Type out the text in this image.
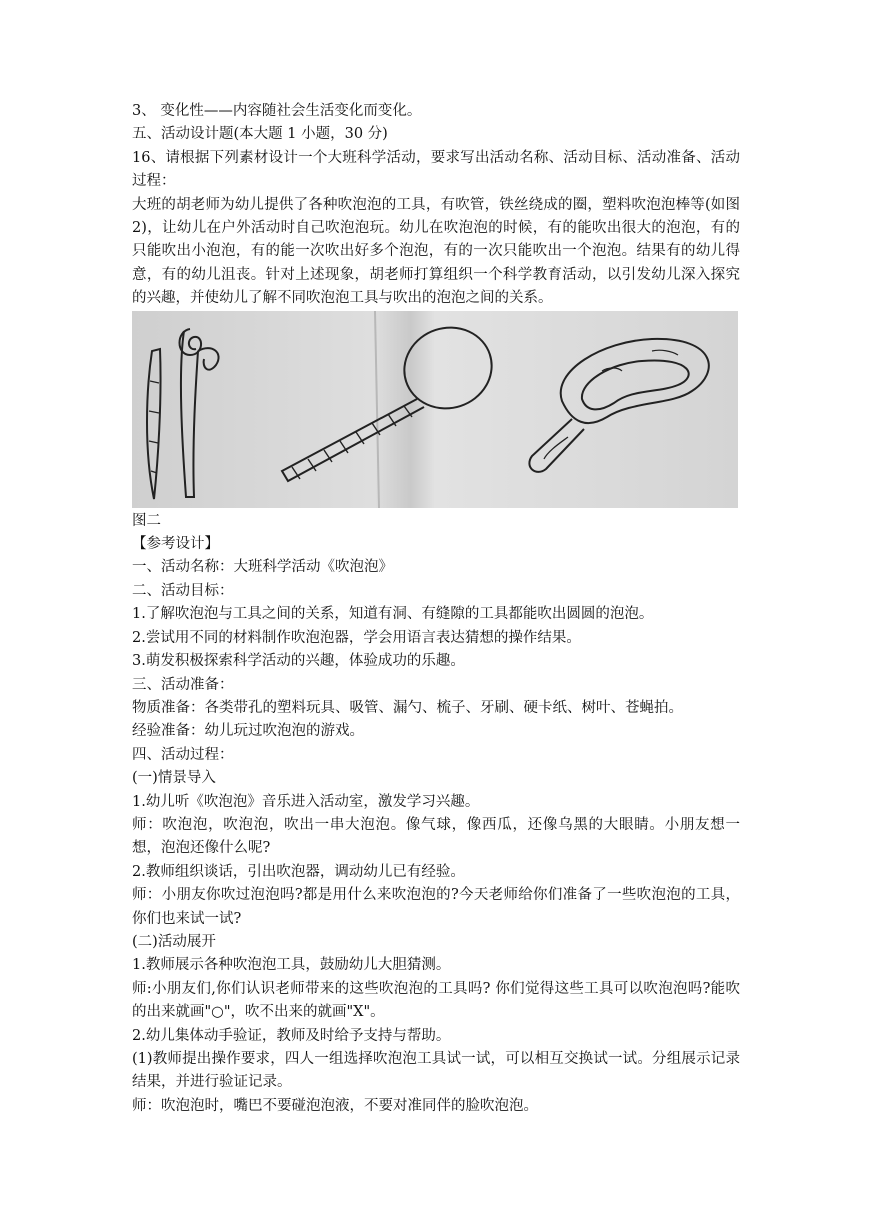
3、 变化性——内容随社会生活变化而变化。
五、活动设计题(本大题 1 小题，30 分)
16、请根据下列素材设计一个大班科学活动，要求写出活动名称、活动目标、活动准备、活动过程：
大班的胡老师为幼儿提供了各种吹泡泡的工具，有吹管，铁丝绕成的圈，塑料吹泡泡棒等(如图2)，让幼儿在户外活动时自己吹泡泡玩。幼儿在吹泡泡的时候，有的能吹出很大的泡泡，有的只能吹出小泡泡，有的能一次吹出好多个泡泡，有的一次只能吹出一个泡泡。结果有的幼儿得意，有的幼儿沮丧。针对上述现象，胡老师打算组织一个科学教育活动，以引发幼儿深入探究的兴趣，并使幼儿了解不同吹泡泡工具与吹出的泡泡之间的关系。
图二
【参考设计】
一、活动名称：大班科学活动《吹泡泡》
二、活动目标：
1.了解吹泡泡与工具之间的关系，知道有洞、有缝隙的工具都能吹出圆圆的泡泡。
2.尝试用不同的材料制作吹泡泡器，学会用语言表达猜想的操作结果。
3.萌发积极探索科学活动的兴趣，体验成功的乐趣。
三、活动准备：
物质准备：各类带孔的塑料玩具、吸管、漏勺、梳子、牙刷、硬卡纸、树叶、苍蝇拍。
经验准备：幼儿玩过吹泡泡的游戏。
四、活动过程：
(一)情景导入
1.幼儿听《吹泡泡》音乐进入活动室，激发学习兴趣。
师：吹泡泡，吹泡泡，吹出一串大泡泡。像气球，像西瓜，还像乌黑的大眼睛。小朋友想一想，泡泡还像什么呢?
2.教师组织谈话，引出吹泡器，调动幼儿已有经验。
师：小朋友你吹过泡泡吗?都是用什么来吹泡泡的?今天老师给你们准备了一些吹泡泡的工具，你们也来试一试?
(二)活动展开
1.教师展示各种吹泡泡工具，鼓励幼儿大胆猜测。
师:小朋友们,你们认识老师带来的这些吹泡泡的工具吗? 你们觉得这些工具可以吹泡泡吗?能吹的出来就画"○"，吹不出来的就画"X"。
2.幼儿集体动手验证，教师及时给予支持与帮助。
(1)教师提出操作要求，四人一组选择吹泡泡工具试一试，可以相互交换试一试。分组展示记录结果，并进行验证记录。
师：吹泡泡时，嘴巴不要碰泡泡液，不要对准同伴的脸吹泡泡。
